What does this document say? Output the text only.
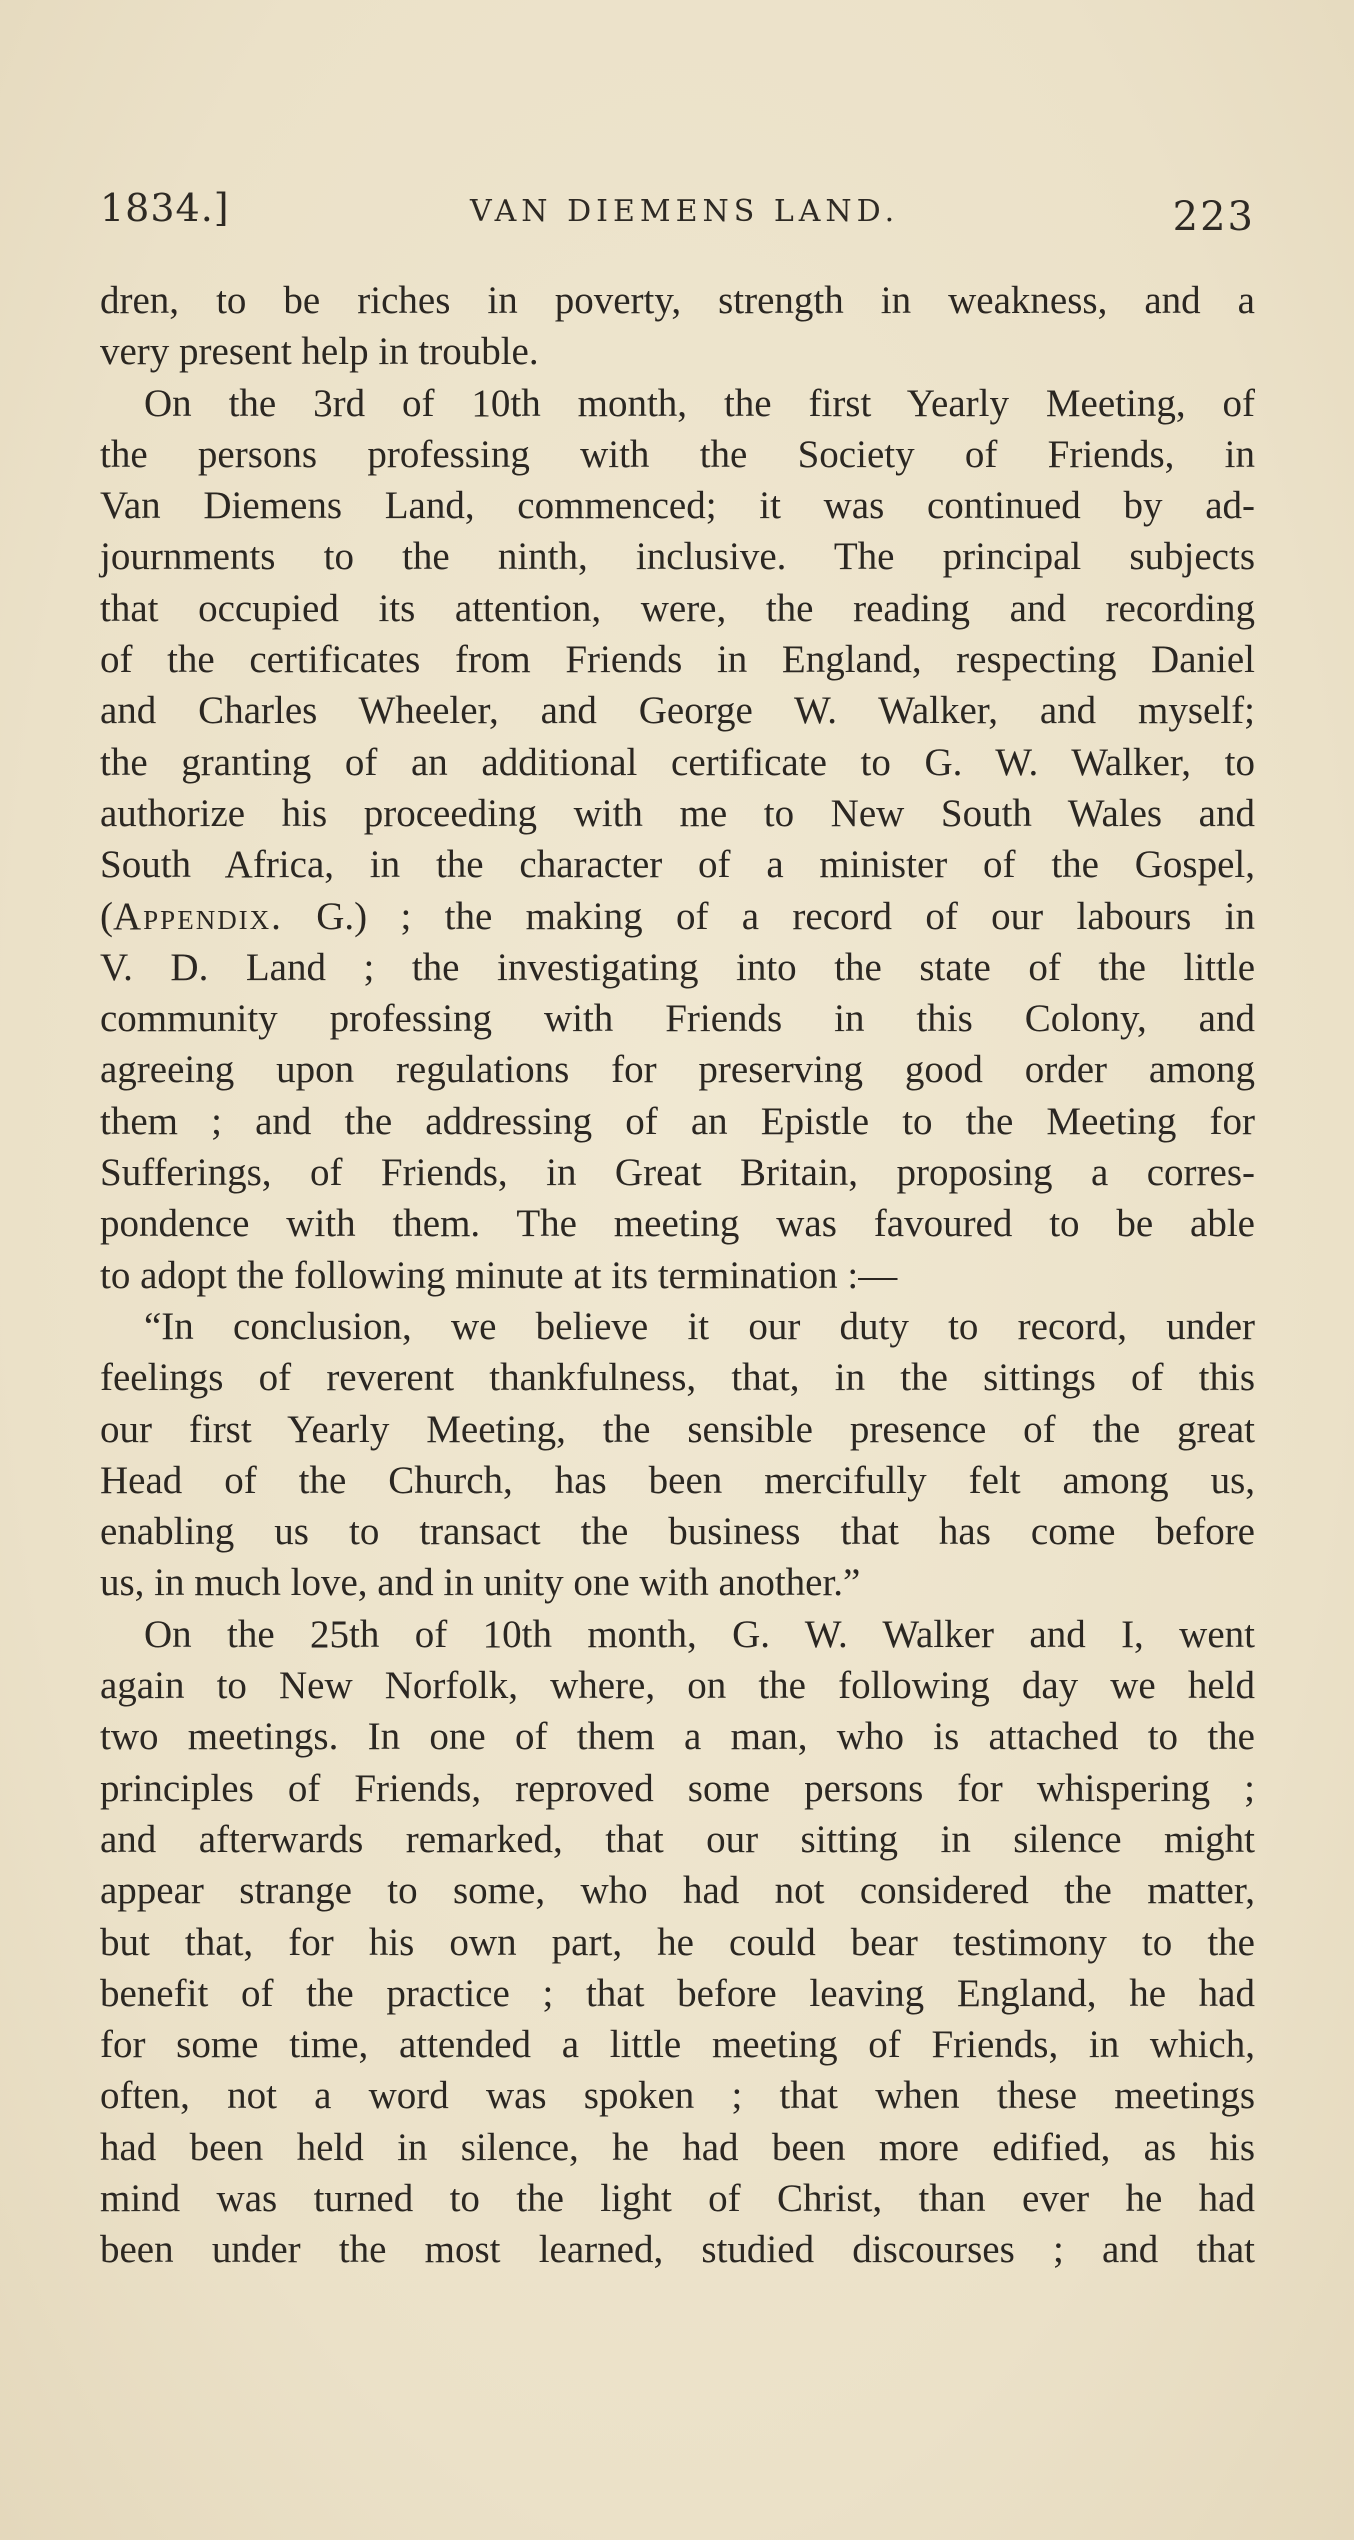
1834.]	VAN DIEMENS LAND.	223

dren, to be riches in poverty, strength in weakness, and a

very present help in trouble.

On the 3rd of 10th month, the first Yearly Meeting, of

the persons professing with the Society of Friends, in

Van Diemens Land, commenced; it was continued by ad-

journments to the ninth, inclusive. The principal subjects

that occupied its attention, were, the reading and recording

of the certificates from Friends in England, respecting Daniel

and Charles Wheeler, and George W. Walker, and myself;

the granting of an additional certificate to G. W. Walker, to

authorize his proceeding with me to New South Wales and

South Africa, in the character of a minister of the Gospel,

(Appendix. G.) ; the making of a record of our labours in

V. D. Land ; the investigating into the state of the little

community professing with Friends in this Colony, and

agreeing upon regulations for preserving good order among

them ; and the addressing of an Epistle to the Meeting for

Sufferings, of Friends, in Great Britain, proposing a corres-

pondence with them. The meeting was favoured to be able

to adopt the following minute at its termination :—

“In conclusion, we believe it our duty to record, under

feelings of reverent thankfulness, that, in the sittings of this

our first Yearly Meeting, the sensible presence of the great

Head of the Church, has been mercifully felt among us,

enabling us to transact the business that has come before

us, in much love, and in unity one with another.”

On the 25th of 10th month, G. W. Walker and I, went

again to New Norfolk, where, on the following day we held

two meetings. In one of them a man, who is attached to the

principles of Friends, reproved some persons for whispering ;

and afterwards remarked, that our sitting in silence might

appear strange to some, who had not considered the matter,

but that, for his own part, he could bear testimony to the

benefit of the practice ; that before leaving England, he had

for some time, attended a little meeting of Friends, in which,

often, not a word was spoken ; that when these meetings

had been held in silence, he had been more edified, as his

mind was turned to the light of Christ, than ever he had

been under the most learned, studied discourses ; and that
